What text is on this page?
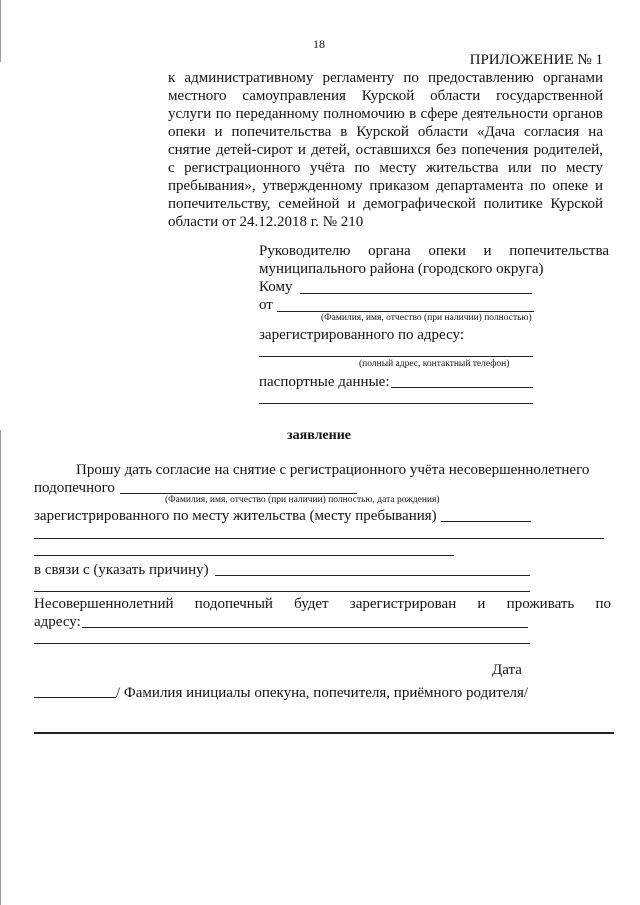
18
ПРИЛОЖЕНИЕ № 1
к административному регламенту по предоставлению органами
местного самоуправления Курской области государственной
услуги по переданному полномочию в сфере деятельности органов
опеки и попечительства в Курской области «Дача согласия на
снятие детей-сирот и детей, оставшихся без попечения родителей,
с регистрационного учёта по месту жительства или по месту
пребывания», утвержденному приказом департамента по опеке и
попечительству, семейной и демографической политике Курской
области от 24.12.2018 г. № 210
Руководителю органа опеки и попечительства
муниципального района (городского округа)
Кому
от
(Фамилия, имя, отчество (при наличии) полностью)
зарегистрированного по адресу:
(полный адрес, контактный телефон)
паспортные данные:
заявление
Прошу дать согласие на снятие с регистрационного учёта несовершеннолетнего
подопечного
(Фамилия, имя, отчество (при наличии) полностью, дата рождения)
зарегистрированного по месту жительства (месту пребывания)
в связи с (указать причину)
Несовершеннолетний подопечный будет зарегистрирован и проживать по
адресу:
Дата
/ Фамилия инициалы опекуна, попечителя, приёмного родителя/
